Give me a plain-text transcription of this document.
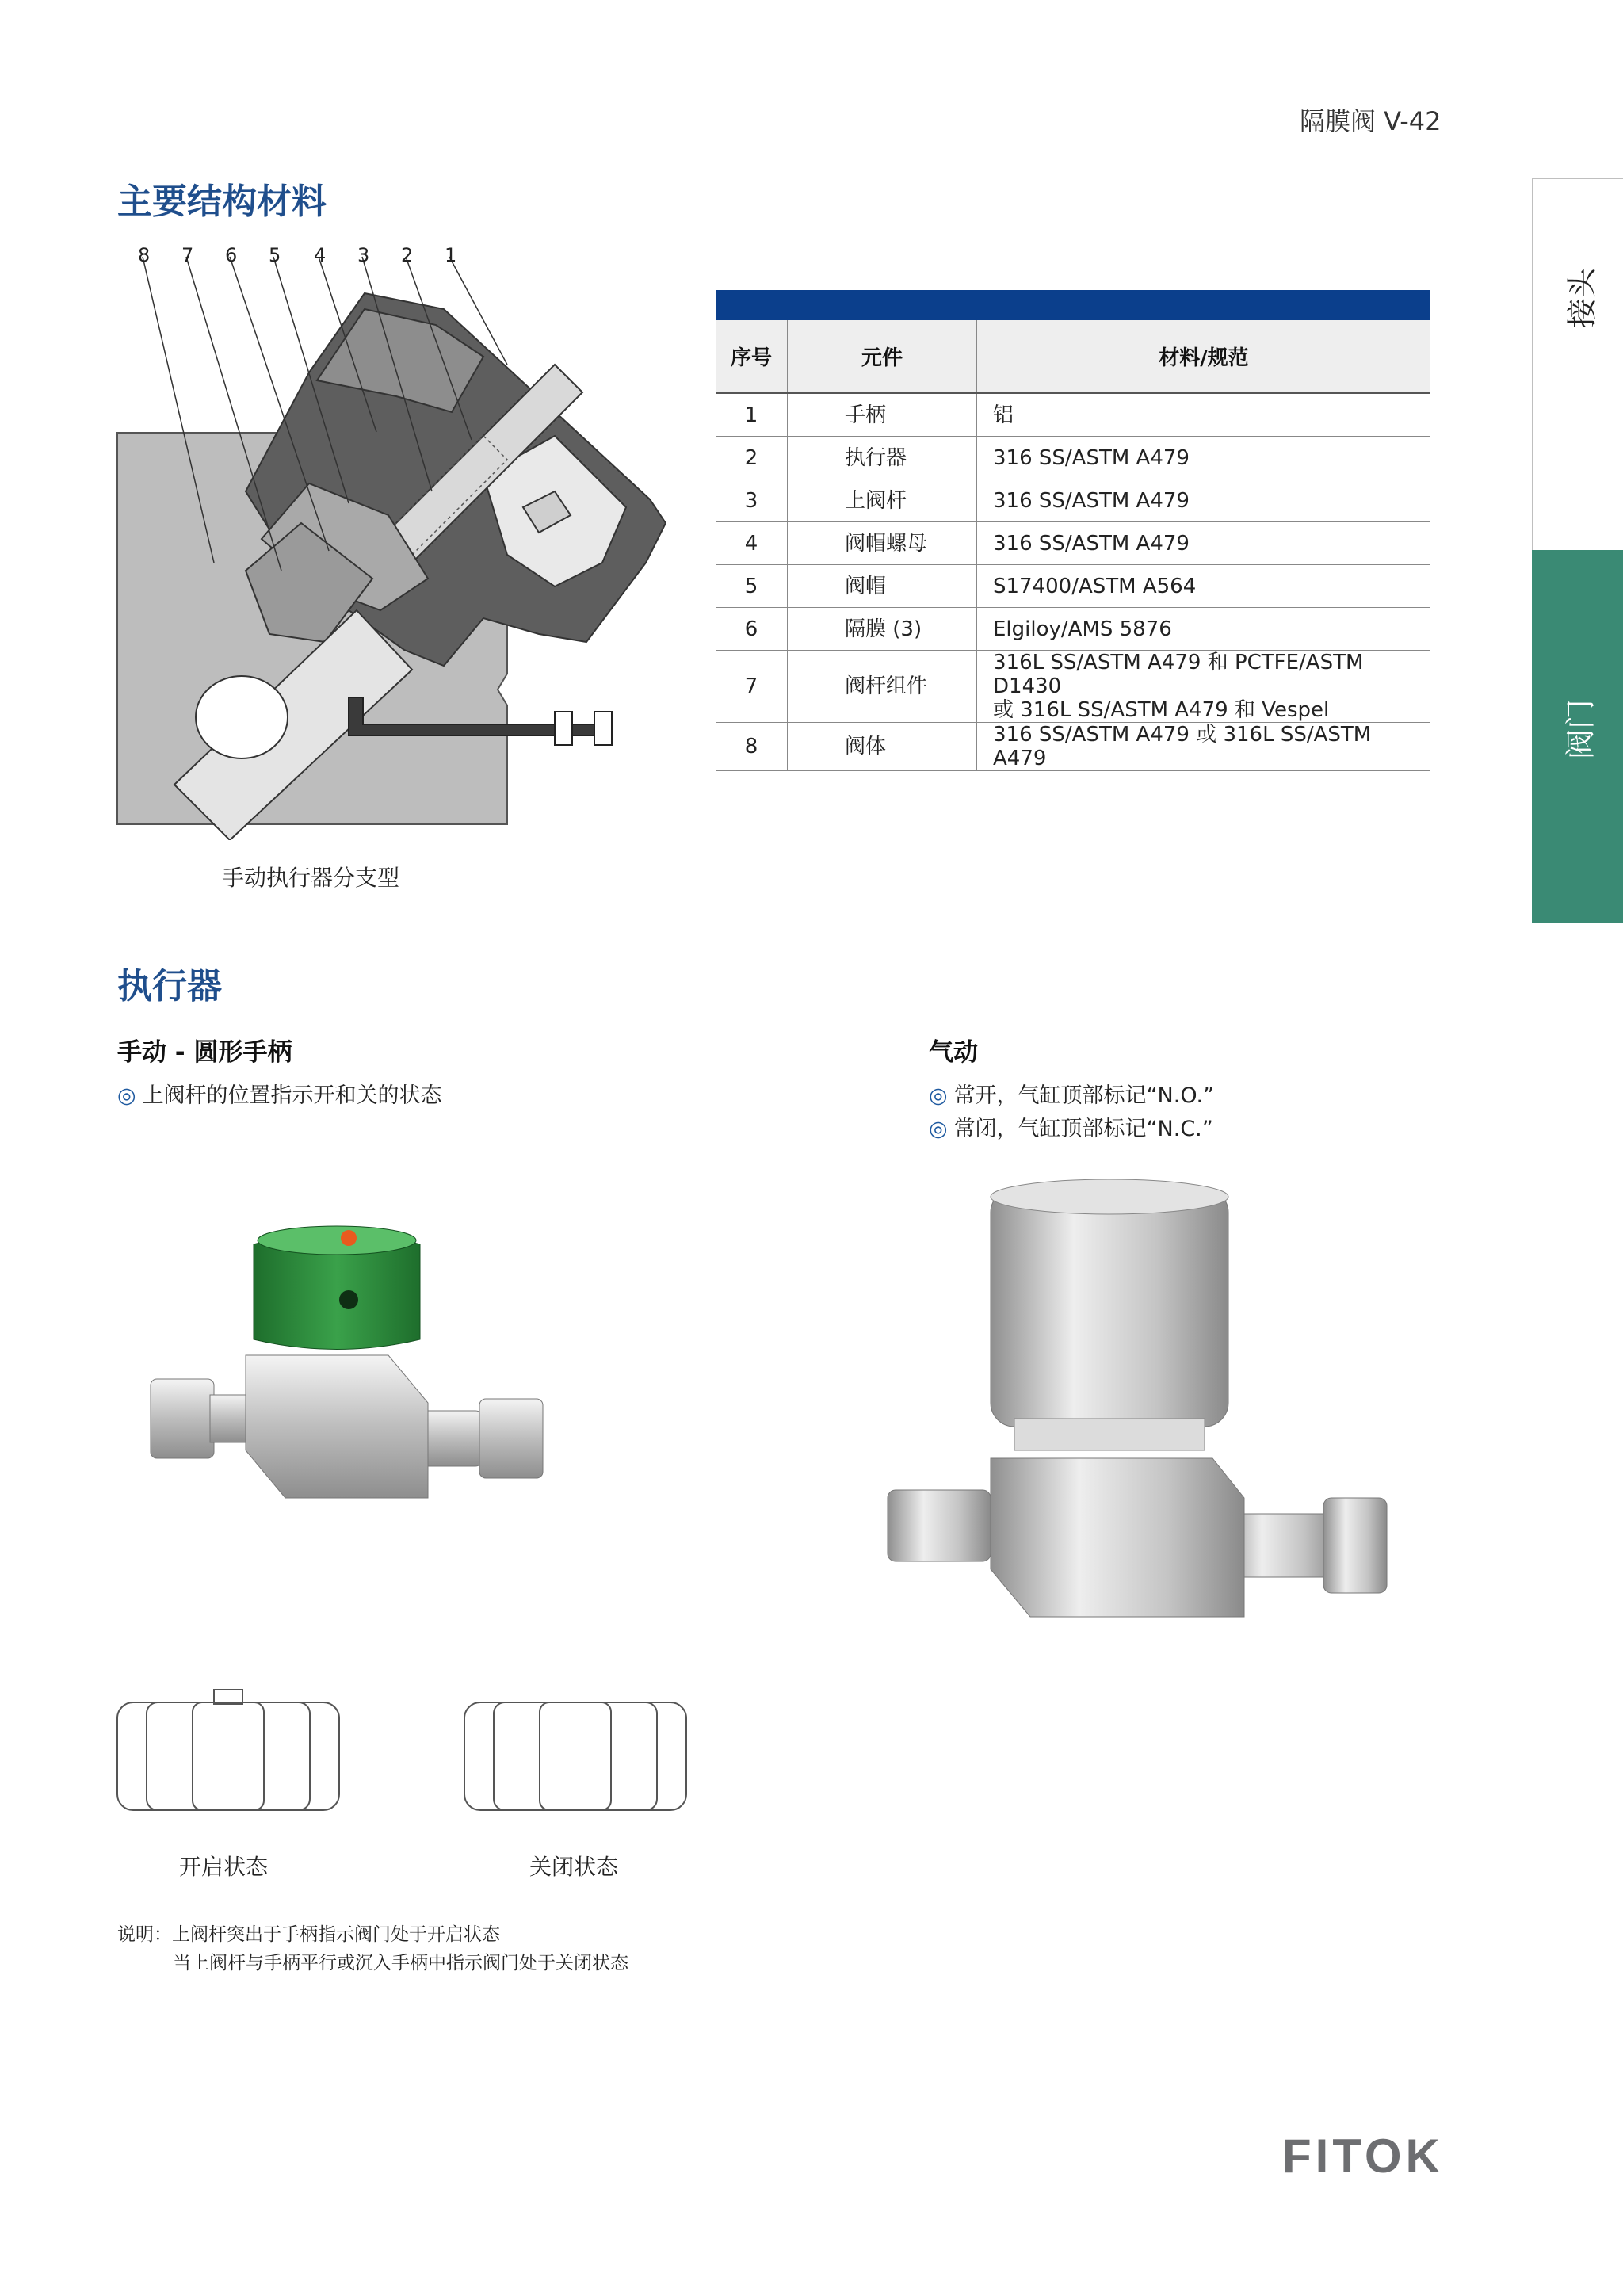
隔膜阀 V-42
接头
阀门
主要结构材料
8 7 6 5 4 3 2 1
手动执行器分支型

序号	元件	材料/规范
1	手柄	铝
2	执行器	316 SS/ASTM A479
3	上阀杆	316 SS/ASTM A479
4	阀帽螺母	316 SS/ASTM A479
5	阀帽	S17400/ASTM A564
6	隔膜 (3)	Elgiloy/AMS 5876
7	阀杆组件	316L SS/ASTM A479 和 PCTFE/ASTM D1430
或 316L SS/ASTM A479 和 Vespel

8	阀体	316 SS/ASTM A479 或 316L SS/ASTM A479
执行器
手动 - 圆形手柄
◎ 上阀杆的位置指示开和关的状态
气动
◎ 常开，气缸顶部标记“N.O.”
◎ 常闭，气缸顶部标记“N.C.”
开启状态	关闭状态
说明：上阀杆突出于手柄指示阀门处于开启状态
当上阀杆与手柄平行或沉入手柄中指示阀门处于关闭状态
FITOK
